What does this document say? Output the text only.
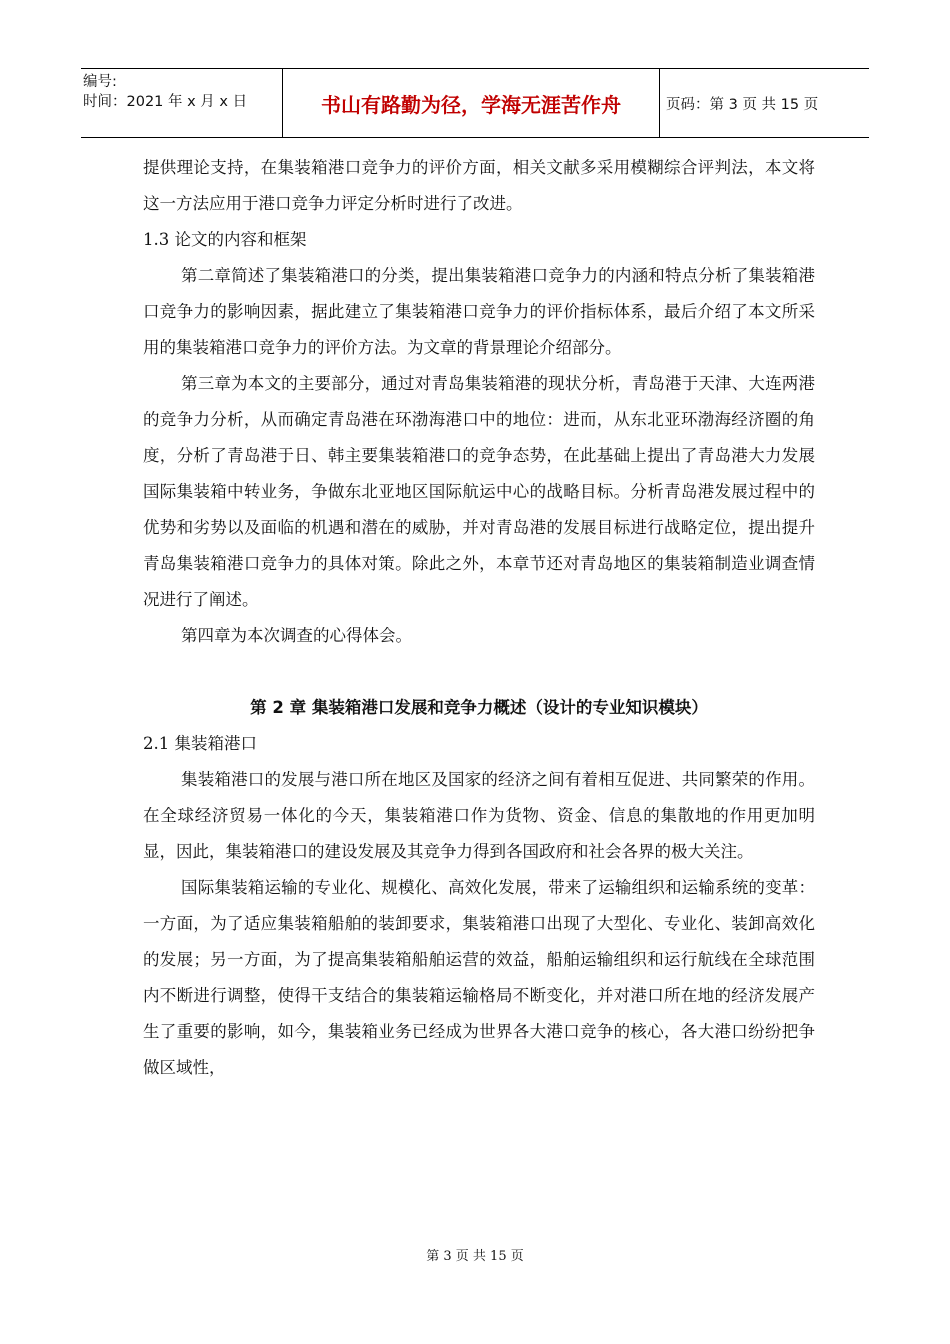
编号:
时间：2021 年 x 月 x 日	书山有路勤为径，学海无涯苦作舟	页码：第 3 页 共 15 页

提供理论支持，在集装箱港口竞争力的评价方面，相关文献多采用模糊综合评判法，本文将这一方法应用于港口竞争力评定分析时进行了改进。

1.3 论文的内容和框架

第二章简述了集装箱港口的分类，提出集装箱港口竞争力的内涵和特点分析了集装箱港口竞争力的影响因素，据此建立了集装箱港口竞争力的评价指标体系，最后介绍了本文所采用的集装箱港口竞争力的评价方法。为文章的背景理论介绍部分。

第三章为本文的主要部分，通过对青岛集装箱港的现状分析，青岛港于天津、大连两港的竞争力分析，从而确定青岛港在环渤海港口中的地位：进而，从东北亚环渤海经济圈的角度，分析了青岛港于日、韩主要集装箱港口的竞争态势，在此基础上提出了青岛港大力发展国际集装箱中转业务，争做东北亚地区国际航运中心的战略目标。分析青岛港发展过程中的优势和劣势以及面临的机遇和潜在的威胁，并对青岛港的发展目标进行战略定位，提出提升青岛集装箱港口竞争力的具体对策。除此之外，本章节还对青岛地区的集装箱制造业调查情况进行了阐述。

第四章为本次调查的心得体会。

第 2 章 集装箱港口发展和竞争力概述（设计的专业知识模块）

2.1 集装箱港口

集装箱港口的发展与港口所在地区及国家的经济之间有着相互促进、共同繁荣的作用。在全球经济贸易一体化的今天，集装箱港口作为货物、资金、信息的集散地的作用更加明显，因此，集装箱港口的建设发展及其竞争力得到各国政府和社会各界的极大关注。

国际集装箱运输的专业化、规模化、高效化发展，带来了运输组织和运输系统的变革：一方面，为了适应集装箱船舶的装卸要求，集装箱港口出现了大型化、专业化、装卸高效化的发展；另一方面，为了提高集装箱船舶运营的效益，船舶运输组织和运行航线在全球范围内不断进行调整，使得干支结合的集装箱运输格局不断变化，并对港口所在地的经济发展产生了重要的影响，如今，集装箱业务已经成为世界各大港口竞争的核心，各大港口纷纷把争做区域性，

第 3 页 共 15 页
